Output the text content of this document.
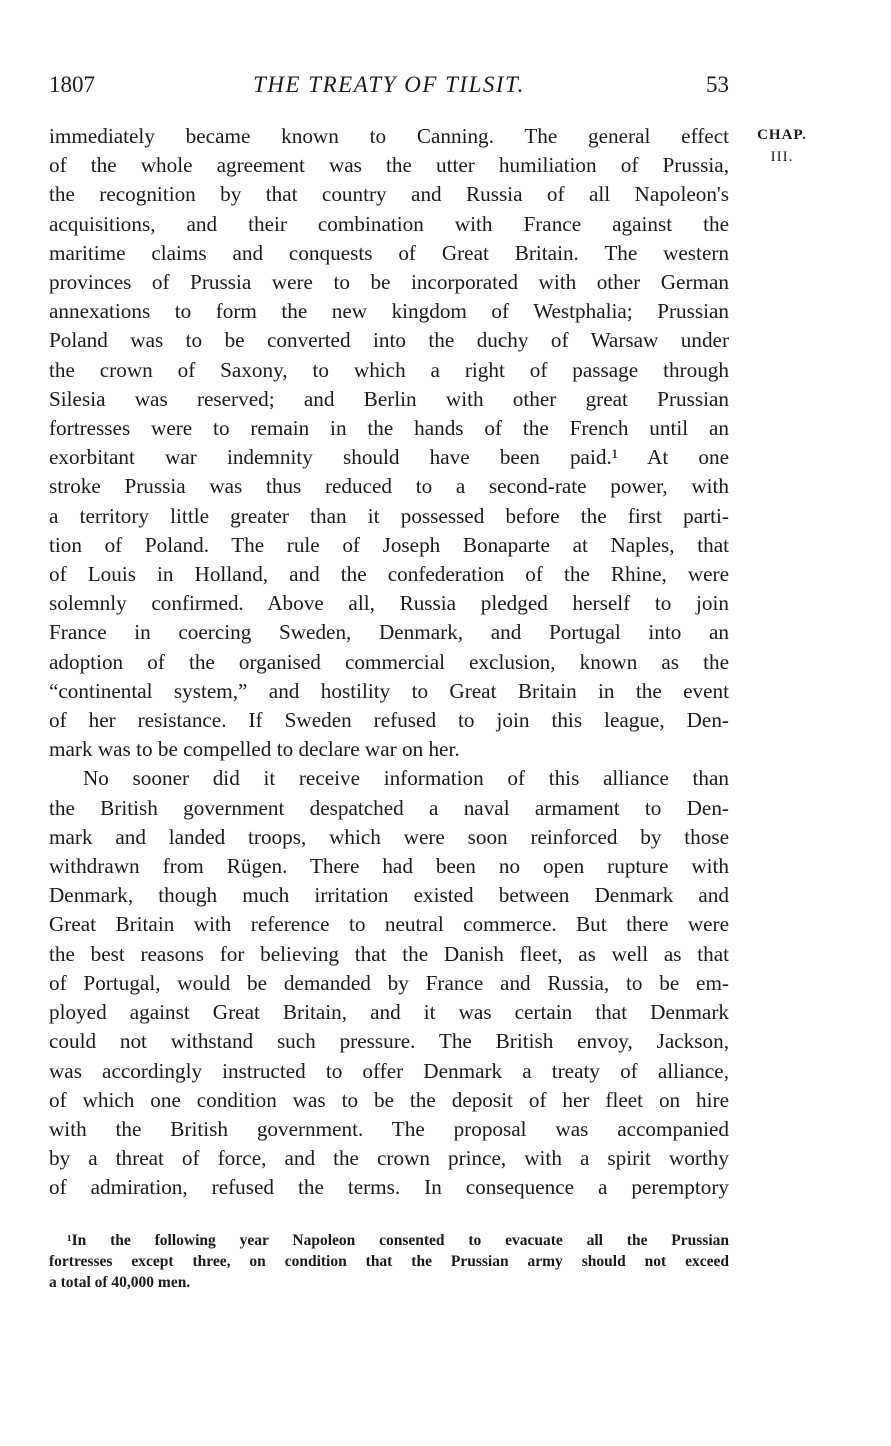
1807	THE TREATY OF TILSIT.	53
CHAP.
III.

immediately became known to Canning. The general effect
of the whole agreement was the utter humiliation of Prussia,
the recognition by that country and Russia of all Napoleon's
acquisitions, and their combination with France against the
maritime claims and conquests of Great Britain. The western
provinces of Prussia were to be incorporated with other German
annexations to form the new kingdom of Westphalia; Prussian
Poland was to be converted into the duchy of Warsaw under
the crown of Saxony, to which a right of passage through
Silesia was reserved; and Berlin with other great Prussian
fortresses were to remain in the hands of the French until an
exorbitant war indemnity should have been paid.¹ At one
stroke Prussia was thus reduced to a second-rate power, with
a territory little greater than it possessed before the first parti-
tion of Poland. The rule of Joseph Bonaparte at Naples, that
of Louis in Holland, and the confederation of the Rhine, were
solemnly confirmed. Above all, Russia pledged herself to join
France in coercing Sweden, Denmark, and Portugal into an
adoption of the organised commercial exclusion, known as the
“continental system,” and hostility to Great Britain in the event
of her resistance. If Sweden refused to join this league, Den-
mark was to be compelled to declare war on her.

No sooner did it receive information of this alliance than
the British government despatched a naval armament to Den-
mark and landed troops, which were soon reinforced by those
withdrawn from Rügen. There had been no open rupture with
Denmark, though much irritation existed between Denmark and
Great Britain with reference to neutral commerce. But there were
the best reasons for believing that the Danish fleet, as well as that
of Portugal, would be demanded by France and Russia, to be em-
ployed against Great Britain, and it was certain that Denmark
could not withstand such pressure. The British envoy, Jackson,
was accordingly instructed to offer Denmark a treaty of alliance,
of which one condition was to be the deposit of her fleet on hire
with the British government. The proposal was accompanied
by a threat of force, and the crown prince, with a spirit worthy
of admiration, refused the terms. In consequence a peremptory

¹In the following year Napoleon consented to evacuate all the Prussian
fortresses except three, on condition that the Prussian army should not exceed
a total of 40,000 men.
